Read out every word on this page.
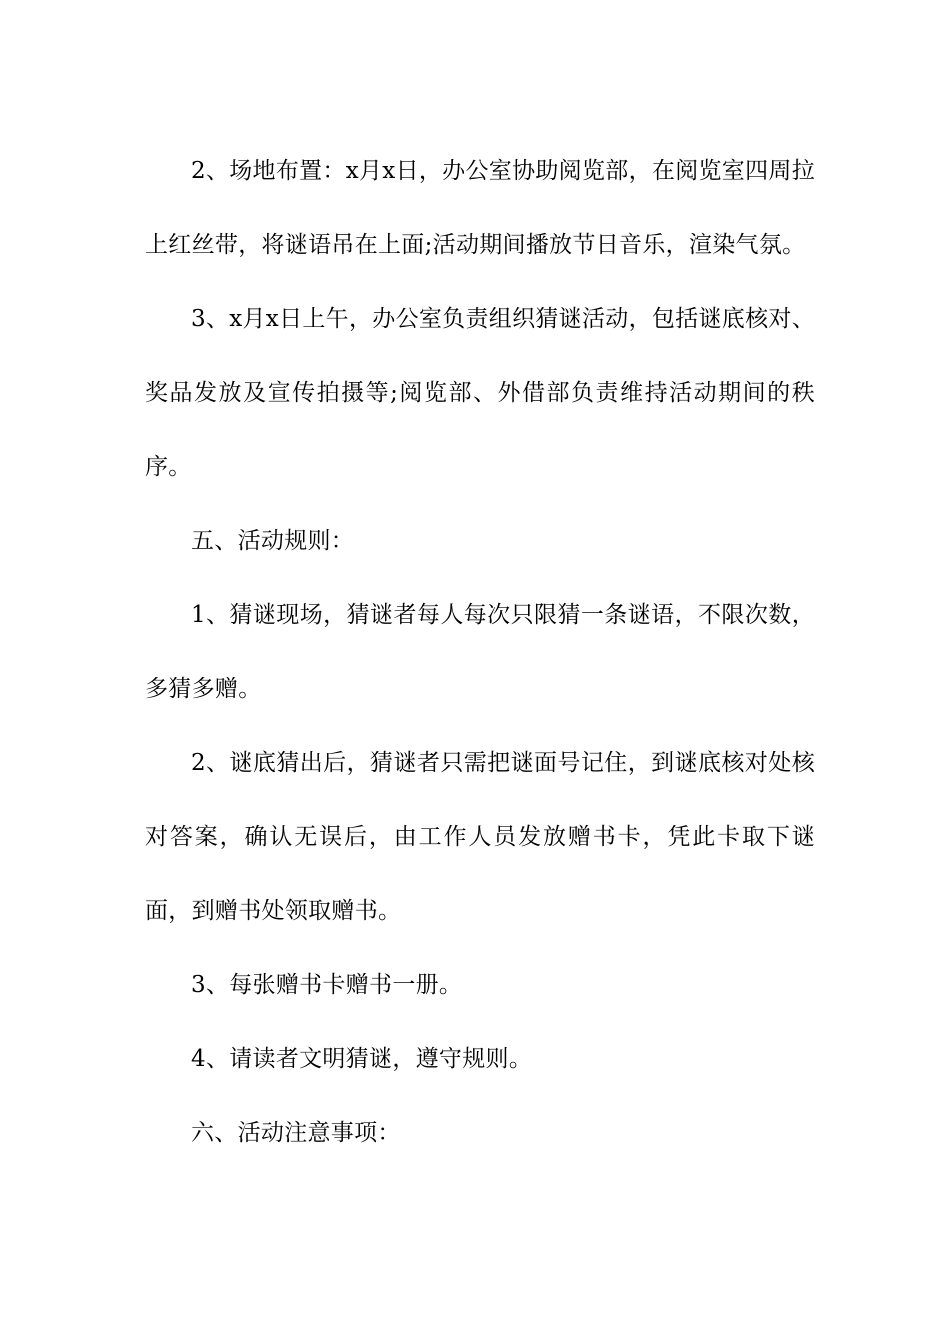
2、场地布置：x月x日，办公室协助阅览部，在阅览室四周拉上红丝带，将谜语吊在上面;活动期间播放节日音乐，渲染气氛。

3、x月x日上午，办公室负责组织猜谜活动，包括谜底核对、奖品发放及宣传拍摄等;阅览部、外借部负责维持活动期间的秩序。

五、活动规则：

1、猜谜现场，猜谜者每人每次只限猜一条谜语，不限次数，多猜多赠。

2、谜底猜出后，猜谜者只需把谜面号记住，到谜底核对处核对答案，确认无误后，由工作人员发放赠书卡，凭此卡取下谜面，到赠书处领取赠书。

3、每张赠书卡赠书一册。

4、请读者文明猜谜，遵守规则。

六、活动注意事项：
